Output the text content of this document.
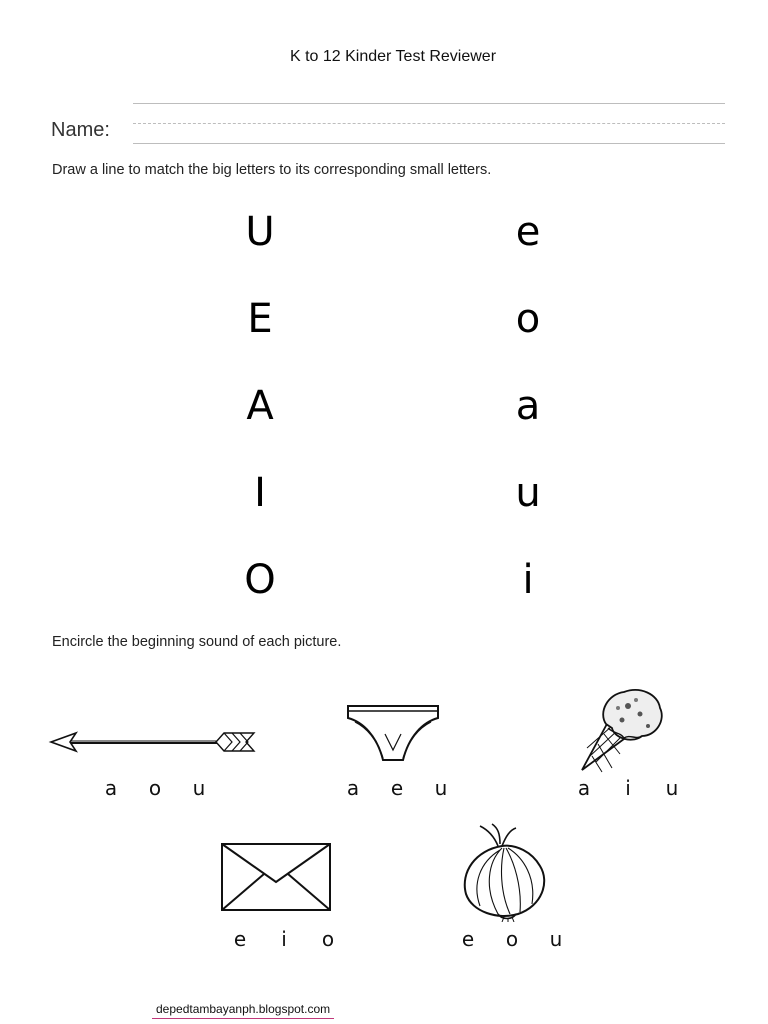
K to 12 Kinder Test Reviewer
Name:
Draw a line to match the big letters to its corresponding small letters.
U
E
A
I
O
e
o
a
u
i
Encircle the beginning sound of each picture.
a o u	a e u	a i u
e i o	e o u
depedtambayanph.blogspot.com
